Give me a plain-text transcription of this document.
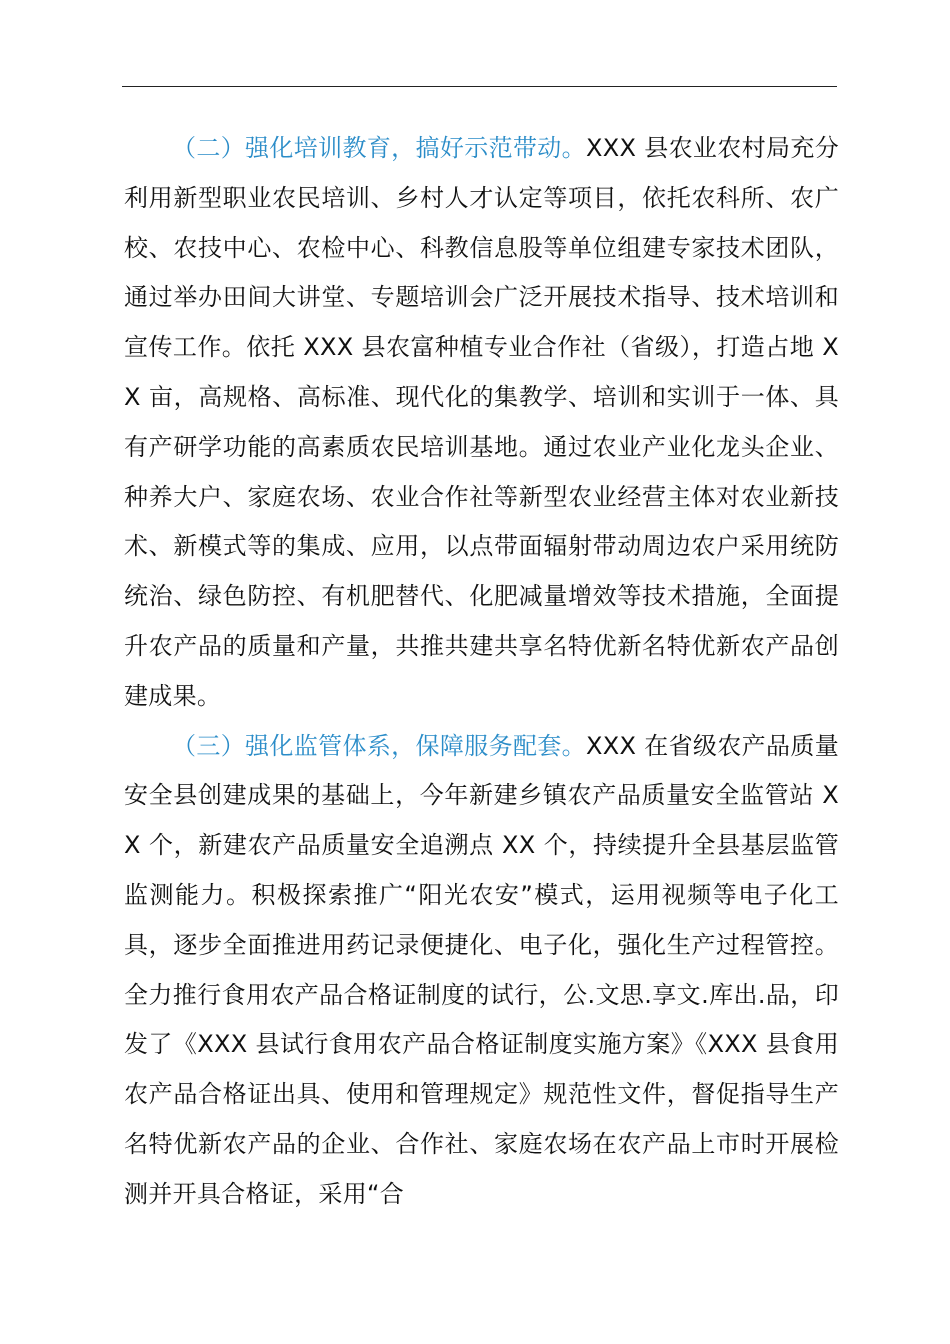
（二）强化培训教育，搞好示范带动。XXX 县农业农村局充分利用新型职业农民培训、乡村人才认定等项目，依托农科所、农广校、农技中心、农检中心、科教信息股等单位组建专家技术团队，通过举办田间大讲堂、专题培训会广泛开展技术指导、技术培训和宣传工作。依托 XXX 县农富种植专业合作社（省级），打造占地 XX 亩，高规格、高标准、现代化的集教学、培训和实训于一体、具有产研学功能的高素质农民培训基地。通过农业产业化龙头企业、种养大户、家庭农场、农业合作社等新型农业经营主体对农业新技术、新模式等的集成、应用，以点带面辐射带动周边农户采用统防统治、绿色防控、有机肥替代、化肥减量增效等技术措施，全面提升农产品的质量和产量，共推共建共享名特优新名特优新农产品创建成果。

（三）强化监管体系，保障服务配套。XXX 在省级农产品质量安全县创建成果的基础上，今年新建乡镇农产品质量安全监管站 XX 个，新建农产品质量安全追溯点 XX 个，持续提升全县基层监管监测能力。积极探索推广“阳光农安”模式，运用视频等电子化工具，逐步全面推进用药记录便捷化、电子化，强化生产过程管控。全力推行食用农产品合格证制度的试行，公.文思.享文.库出.品，印发了《XXX 县试行食用农产品合格证制度实施方案》《XXX 县食用农产品合格证出具、使用和管理规定》规范性文件，督促指导生产名特优新农产品的企业、合作社、家庭农场在农产品上市时开展检测并开具合格证，采用“合
